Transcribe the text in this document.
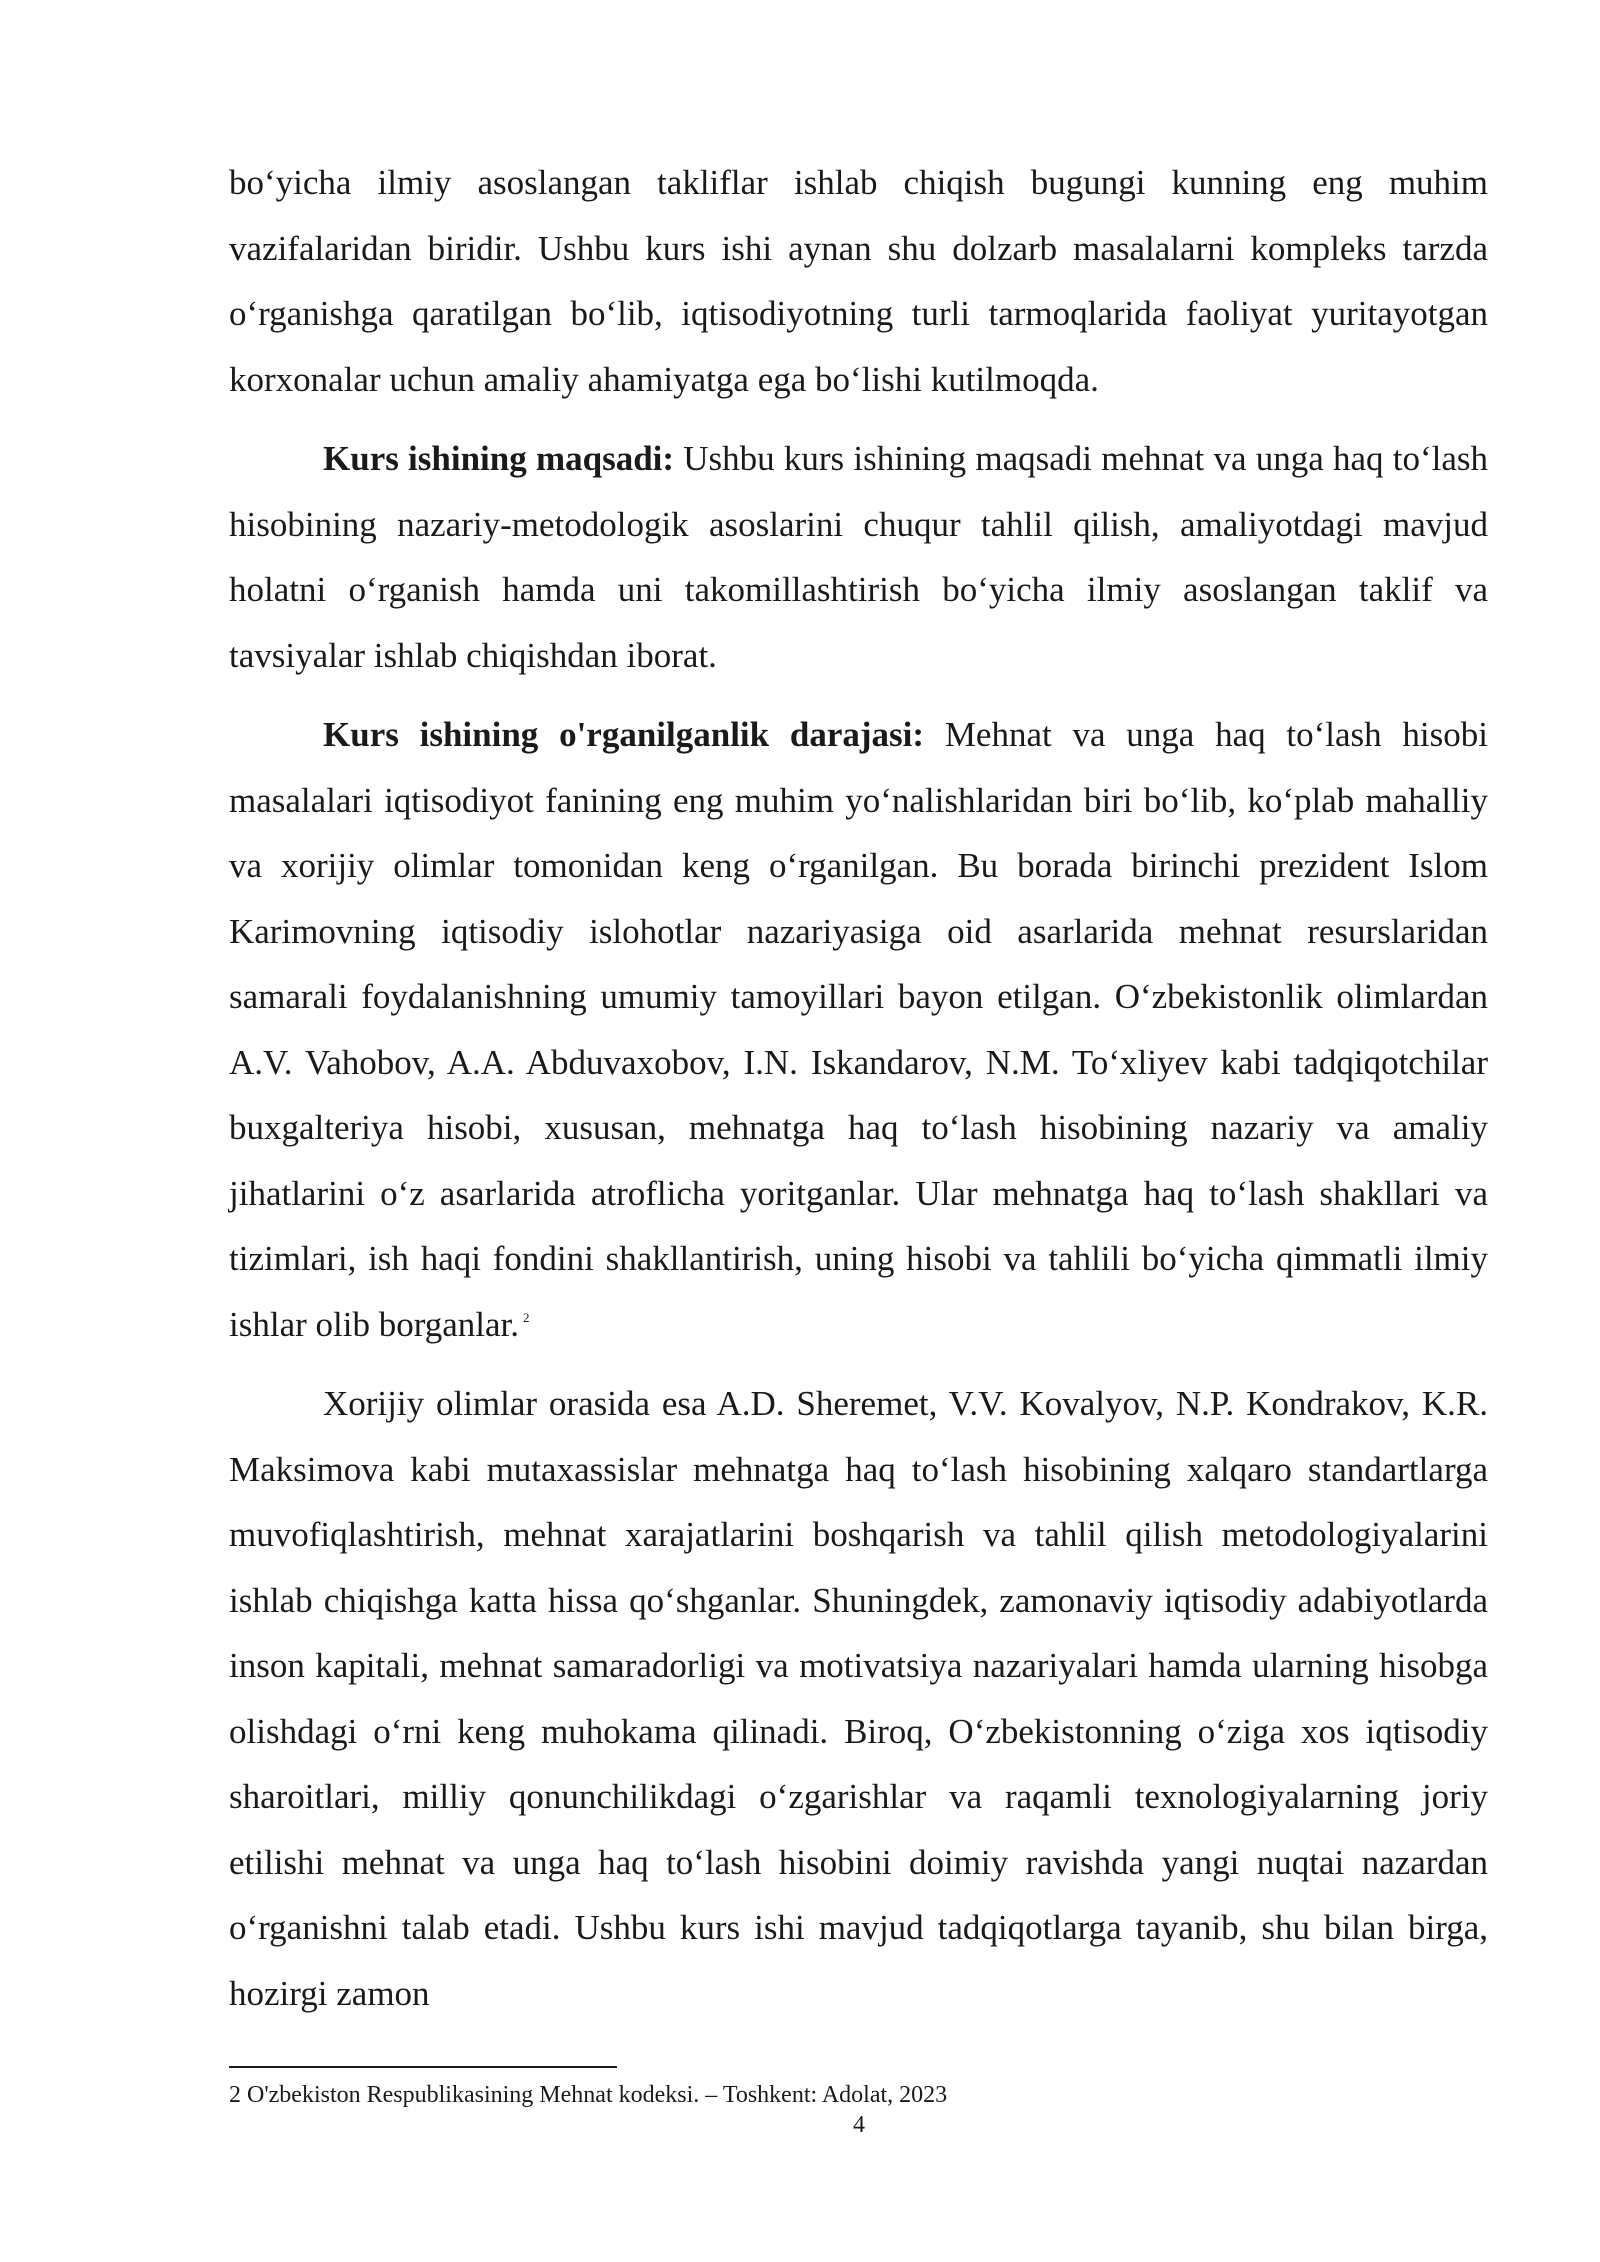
bo‘yicha ilmiy asoslangan takliflar ishlab chiqish bugungi kunning eng muhim vazifalaridan biridir. Ushbu kurs ishi aynan shu dolzarb masalalarni kompleks tarzda o‘rganishga qaratilgan bo‘lib, iqtisodiyotning turli tarmoqlarida faoliyat yuritayotgan korxonalar uchun amaliy ahamiyatga ega bo‘lishi kutilmoqda.

Kurs ishining maqsadi: Ushbu kurs ishining maqsadi mehnat va unga haq to‘lash hisobining nazariy-metodologik asoslarini chuqur tahlil qilish, amaliyotdagi mavjud holatni o‘rganish hamda uni takomillashtirish bo‘yicha ilmiy asoslangan taklif va tavsiyalar ishlab chiqishdan iborat.

Kurs ishining o'rganilganlik darajasi: Mehnat va unga haq to‘lash hisobi masalalari iqtisodiyot fanining eng muhim yo‘nalishlaridan biri bo‘lib, ko‘plab mahalliy va xorijiy olimlar tomonidan keng o‘rganilgan. Bu borada birinchi prezident Islom Karimovning iqtisodiy islohotlar nazariyasiga oid asarlarida mehnat resurslaridan samarali foydalanishning umumiy tamoyillari bayon etilgan. O‘zbekistonlik olimlardan A.V. Vahobov, A.A. Abduvaxobov, I.N. Iskandarov, N.M. To‘xliyev kabi tadqiqotchilar buxgalteriya hisobi, xususan, mehnatga haq to‘lash hisobining nazariy va amaliy jihatlarini o‘z asarlarida atroflicha yoritganlar. Ular mehnatga haq to‘lash shakllari va tizimlari, ish haqi fondini shakllantirish, uning hisobi va tahlili bo‘yicha qimmatli ilmiy ishlar olib borganlar. $^2$

Xorijiy olimlar orasida esa A.D. Sheremet, V.V. Kovalyov, N.P. Kondrakov, K.R. Maksimova kabi mutaxassislar mehnatga haq to‘lash hisobining xalqaro standartlarga muvofiqlashtirish, mehnat xarajatlarini boshqarish va tahlil qilish metodologiyalarini ishlab chiqishga katta hissa qo‘shganlar. Shuningdek, zamonaviy iqtisodiy adabiyotlarda inson kapitali, mehnat samaradorligi va motivatsiya nazariyalari hamda ularning hisobga olishdagi o‘rni keng muhokama qilinadi. Biroq, O‘zbekistonning o‘ziga xos iqtisodiy sharoitlari, milliy qonunchilikdagi o‘zgarishlar va raqamli texnologiyalarning joriy etilishi mehnat va unga haq to‘lash hisobini doimiy ravishda yangi nuqtai nazardan o‘rganishni talab etadi. Ushbu kurs ishi mavjud tadqiqotlarga tayanib, shu bilan birga, hozirgi zamon

2 O'zbekiston Respublikasining Mehnat kodeksi. – Toshkent: Adolat, 2023

4
